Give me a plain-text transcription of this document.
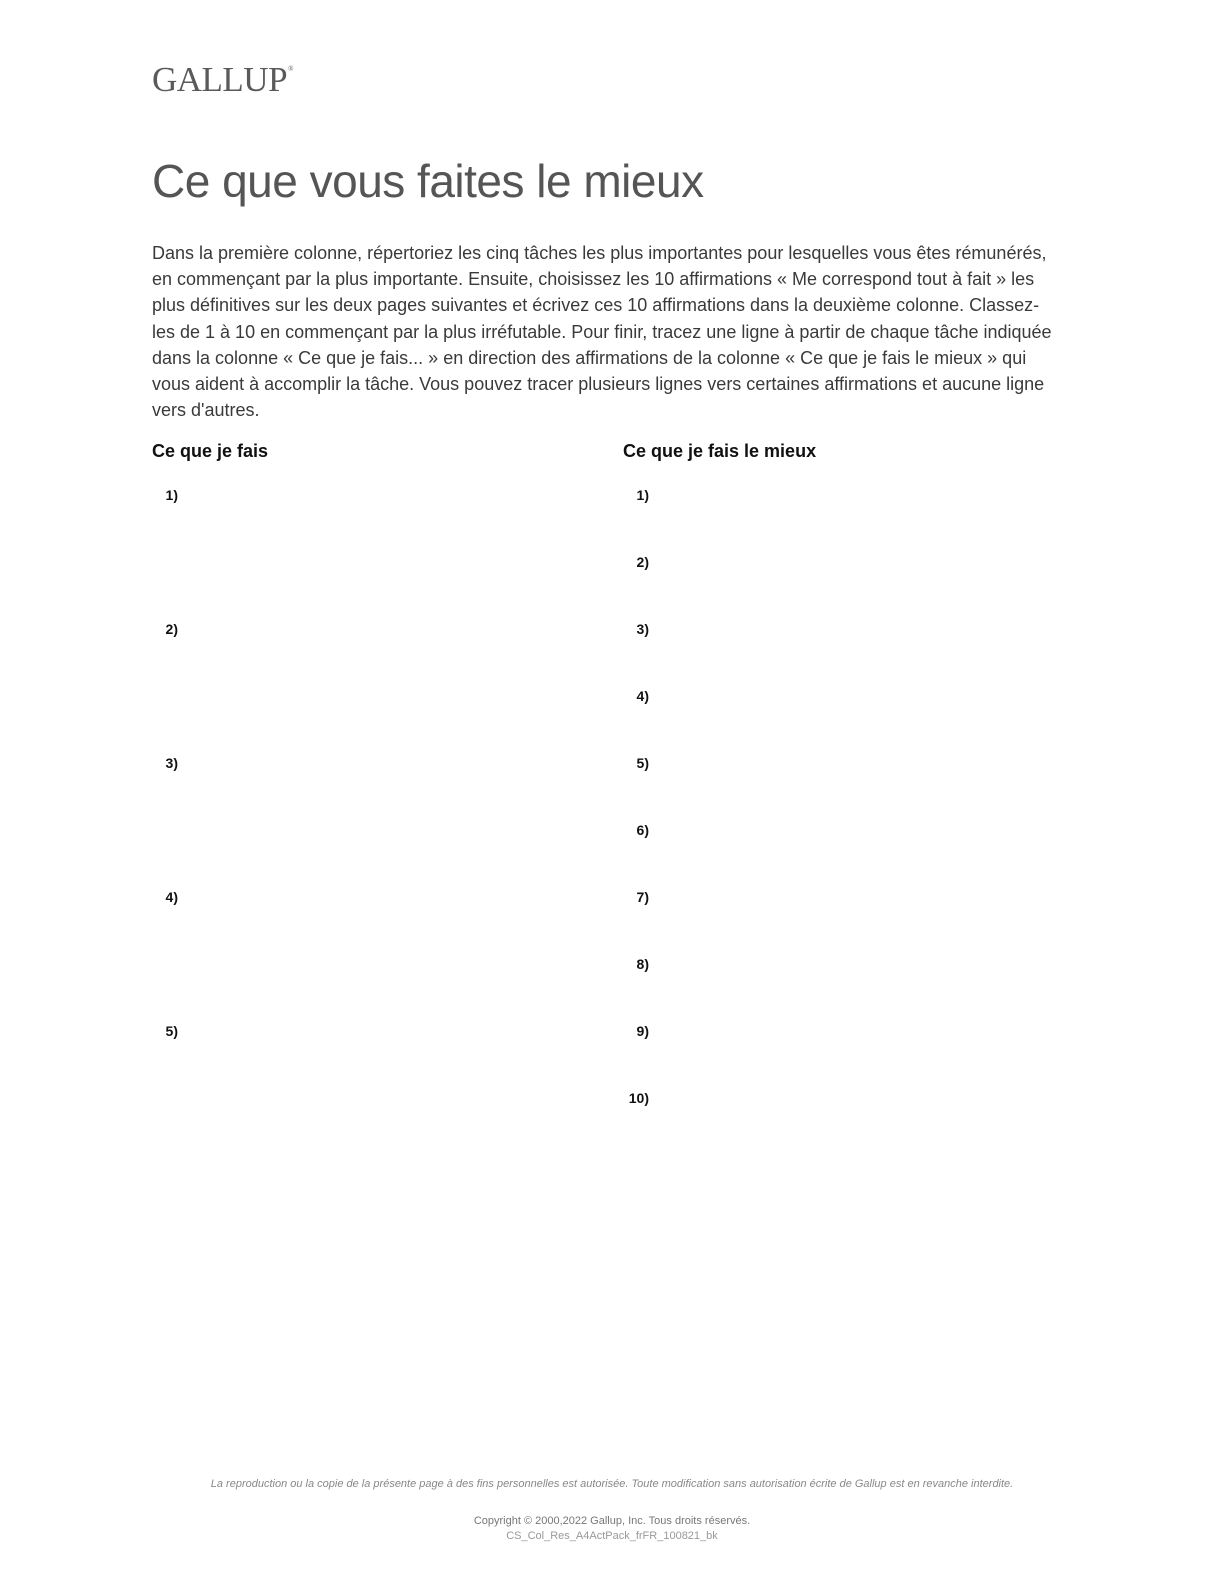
GALLUP®
Ce que vous faites le mieux

Dans la première colonne, répertoriez les cinq tâches les plus importantes pour lesquelles vous êtes rémunérés, en commençant par la plus importante. Ensuite, choisissez les 10 affirmations « Me correspond tout à fait » les plus définitives sur les deux pages suivantes et écrivez ces 10 affirmations dans la deuxième colonne. Classez-les de 1 à 10 en commençant par la plus irréfutable. Pour finir, tracez une ligne à partir de chaque tâche indiquée dans la colonne « Ce que je fais... » en direction des affirmations de la colonne « Ce que je fais le mieux » qui vous aident à accomplir la tâche. Vous pouvez tracer plusieurs lignes vers certaines affirmations et aucune ligne vers d'autres.

Ce que je fais	Ce que je fais le mieux
1)
2)
3)
4)
5)
1)
2)
3)
4)
5)
6)
7)
8)
9)
10)
La reproduction ou la copie de la présente page à des fins personnelles est autorisée. Toute modification sans autorisation écrite de Gallup est en revanche interdite.
Copyright © 2000,2022 Gallup, Inc. Tous droits réservés.
CS_Col_Res_A4ActPack_frFR_100821_bk
